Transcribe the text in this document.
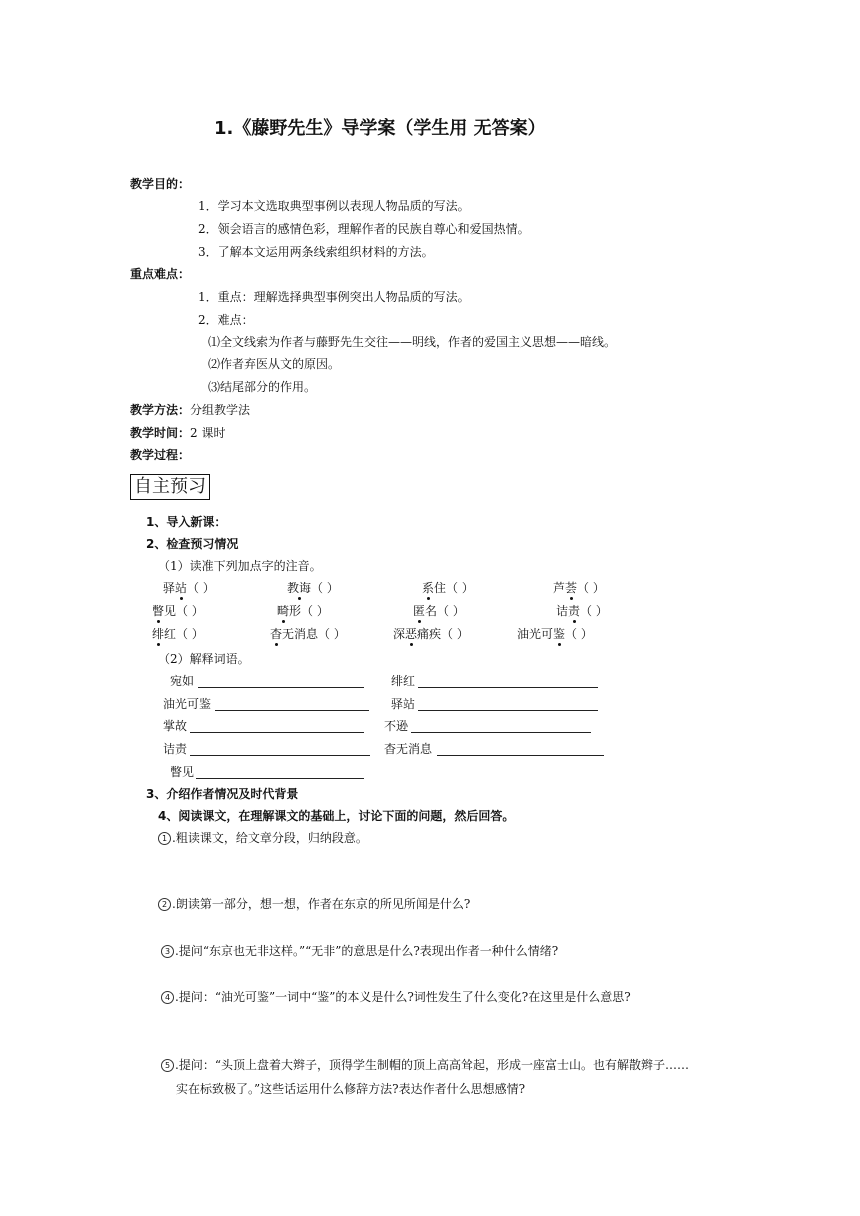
1.《藤野先生》导学案（学生用 无答案）
教学目的：
1．学习本文选取典型事例以表现人物品质的写法。
2．领会语言的感情色彩，理解作者的民族自尊心和爱国热情。
3．了解本文运用两条线索组织材料的方法。
重点难点：
1．重点：理解选择典型事例突出人物品质的写法。
2．难点：
⑴全文线索为作者与藤野先生交往——明线，作者的爱国主义思想——暗线。
⑵作者弃医从文的原因。
⑶结尾部分的作用。
教学方法：分组教学法
教学时间：2 课时
教学过程：
自主预习
1、导入新课：
2、检查预习情况
（1）读准下列加点字的注音。
驿站（ ）	教诲（ ）	系住（ ）	芦荟（ ）
瞥见（ ）	畸形（ ）	匿名（ ）	诘责（ ）
绯红（ ）	杳无消息（ ）	深恶痛疾（ ）	油光可鉴（ ）
（2）解释词语。
宛如	绯红
油光可鉴	驿站
掌故	不逊
诘责	杳无消息
瞥见
3、介绍作者情况及时代背景
4、阅读课文，在理解课文的基础上，讨论下面的问题，然后回答。
1 .粗读课文，给文章分段，归纳段意。
2 .朗读第一部分，想一想，作者在东京的所见所闻是什么?
3 .提问“东京也无非这样。”“无非”的意思是什么?表现出作者一种什么情绪?
4 .提问：“油光可鉴”一词中“鉴”的本义是什么?词性发生了什么变化?在这里是什么意思?
5 .提问：“头顶上盘着大辫子，顶得学生制帽的顶上高高耸起，形成一座富士山。也有解散辫子……
实在标致极了。”这些话运用什么修辞方法?表达作者什么思想感情?
